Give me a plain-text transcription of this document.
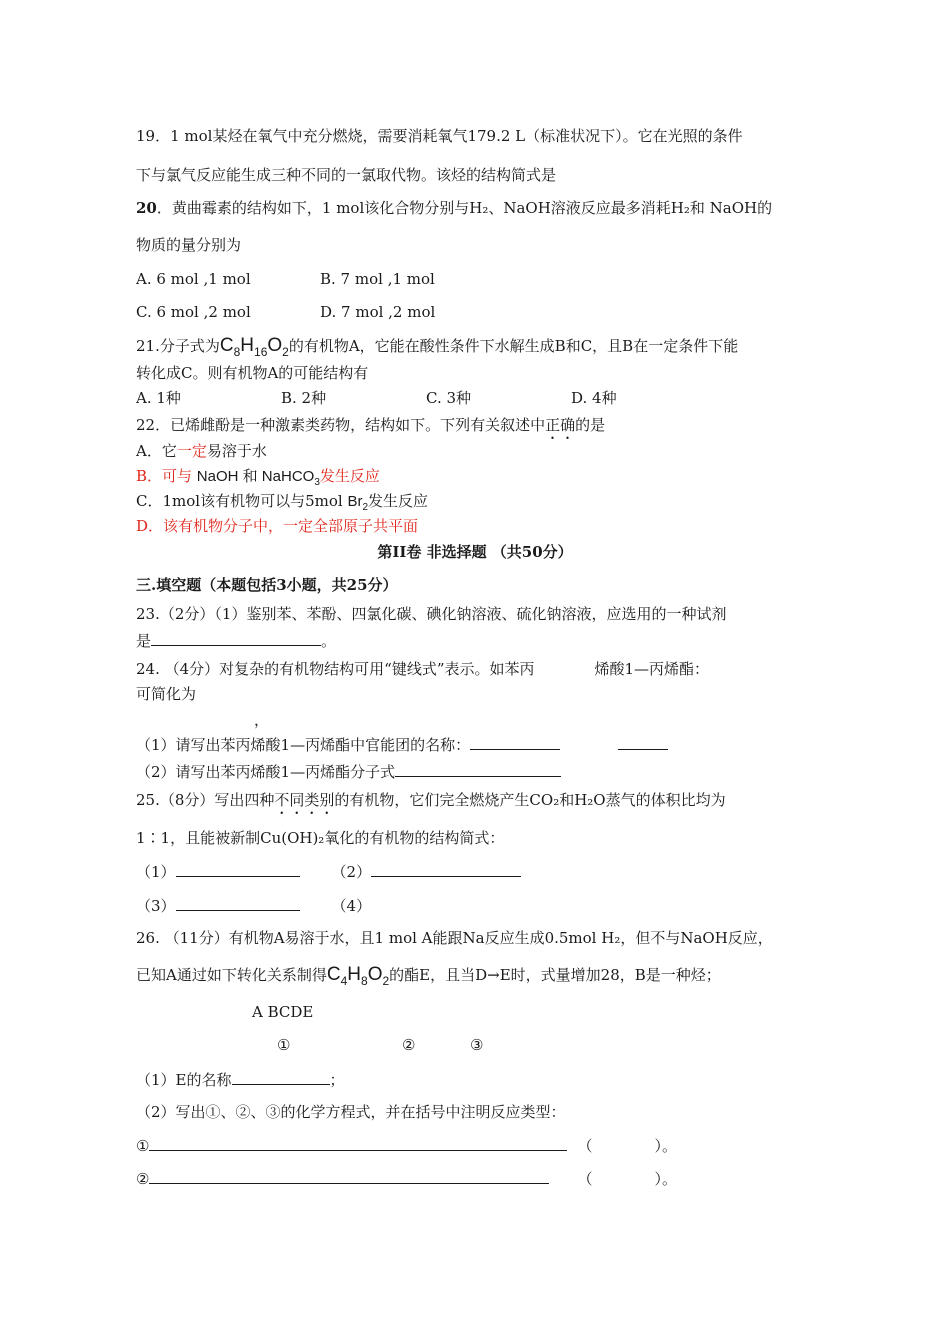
19．1 mol某烃在氧气中充分燃烧，需要消耗氧气179.2 L（标准状况下）。它在光照的条件
下与氯气反应能生成三种不同的一氯取代物。该烃的结构简式是
20．黄曲霉素的结构如下，1 mol该化合物分别与H₂、NaOH溶液反应最多消耗H₂和 NaOH的
物质的量分别为
A. 6 mol ,1 mol	B. 7 mol ,1 mol
C. 6 mol ,2 mol	D. 7 mol ,2 mol
21.分子式为$C_8H_{16}O_2$的有机物A，它能在酸性条件下水解生成B和C，且B在一定条件下能
转化成C。则有机物A的可能结构有
A. 1种	B. 2种	C. 3种	D. 4种
22．已烯雌酚是一种激素类药物，结构如下。下列有关叙述中正确的是
A．它一定易溶于水
B．可与 NaOH 和 NaHCO$_3$发生反应
C．1mol该有机物可以与5mol $Br_2$发生反应
D．该有机物分子中，一定全部原子共平面
第II卷 非选择题 （共50分）
三.填空题（本题包括3小题，共25分）
23.（2分）（1）鉴别苯、苯酚、四氯化碳、碘化钠溶液、硫化钠溶液，应选用的一种试剂
是	。
24. （4分）对复杂的有机物结构可用“键线式”表示。如苯丙	烯酸1—丙烯酯：
可简化为
，
（1）请写出苯丙烯酸1—丙烯酯中官能团的名称：
（2）请写出苯丙烯酸1—丙烯酯分子式
25.（8分）写出四种不同类别的有机物，它们完全燃烧产生CO₂和H₂O蒸气的体积比均为
1∶1，且能被新制Cu(OH)₂氧化的有机物的结构简式：
（1）	（2）
（3）	（4）
26. （11分）有机物A易溶于水，且1 mol A能跟Na反应生成0.5mol H₂，但不与NaOH反应，
已知A通过如下转化关系制得$C_4H_8O_2$的酯E，且当D→E时，式量增加28，B是一种烃；
A BCDE
①	②	③
（1）E的名称	；
（2）写出①、②、③的化学方程式，并在括号中注明反应类型：
①	（	）。
②	（	）。
